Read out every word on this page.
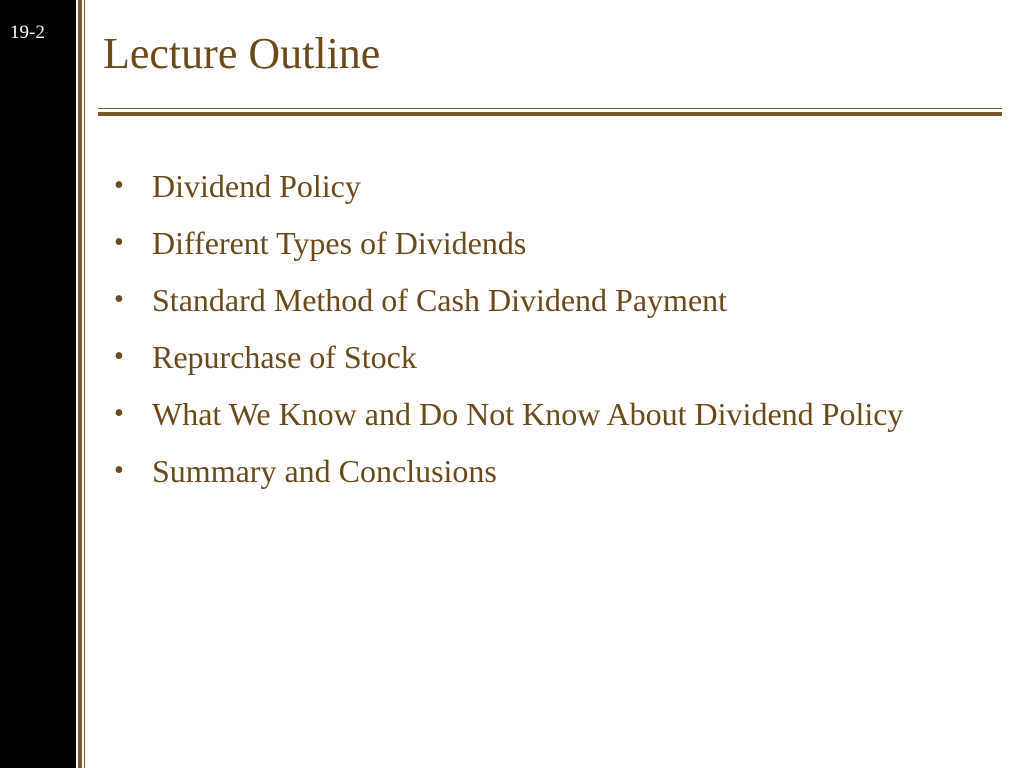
19-2 Lecture Outline
• Dividend Policy
• Different Types of Dividends
• Standard Method of Cash Dividend Payment
• Repurchase of Stock
• What We Know and Do Not Know About Dividend Policy
• Summary and Conclusions
